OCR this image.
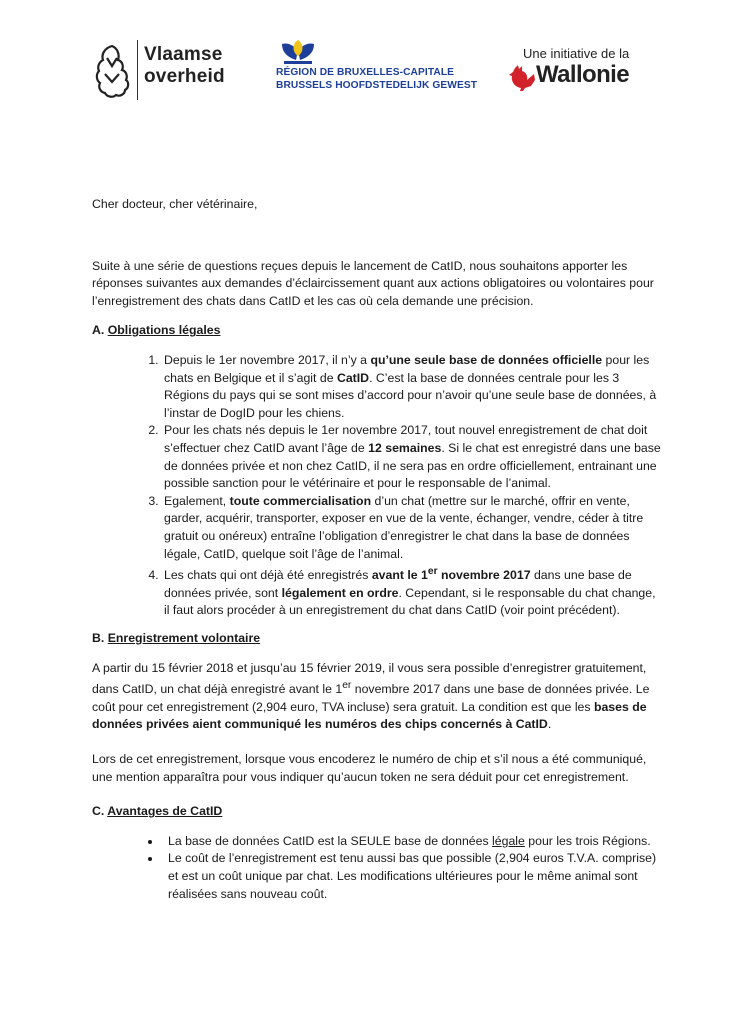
Vlaamse
overheid	RÉGION DE BRUXELLES-CAPITALE
BRUSSELS HOOFDSTEDELIJK GEWEST
Une initiative de la
Wallonie

Cher docteur, cher vétérinaire,

Suite à une série de questions reçues depuis le lancement de CatID, nous souhaitons apporter les réponses suivantes aux demandes d’éclaircissement quant aux actions obligatoires ou volontaires pour l’enregistrement des chats dans CatID et les cas où cela demande une précision.

A. Obligations légales
1. Depuis le 1er novembre 2017, il n’y a qu’une seule base de données officielle pour les chats en Belgique et il s’agit de CatID. C’est la base de données centrale pour les 3 Régions du pays qui se sont mises d’accord pour n’avoir qu’une seule base de données, à l’instar de DogID pour les chiens.
2. Pour les chats nés depuis le 1er novembre 2017, tout nouvel enregistrement de chat doit s’effectuer chez CatID avant l’âge de 12 semaines. Si le chat est enregistré dans une base de données privée et non chez CatID, il ne sera pas en ordre officiellement, entrainant une possible sanction pour le vétérinaire et pour le responsable de l’animal.
3. Egalement, toute commercialisation d’un chat (mettre sur le marché, offrir en vente, garder, acquérir, transporter, exposer en vue de la vente, échanger, vendre, céder à titre gratuit ou onéreux) entraîne l’obligation d’enregistrer le chat dans la base de données légale, CatID, quelque soit l’âge de l’animal.
4. Les chats qui ont déjà été enregistrés avant le 1er novembre 2017 dans une base de données privée, sont légalement en ordre. Cependant, si le responsable du chat change, il faut alors procéder à un enregistrement du chat dans CatID (voir point précédent).
B. Enregistrement volontaire

A partir du 15 février 2018 et jusqu’au 15 février 2019, il vous sera possible d’enregistrer gratuitement, dans CatID, un chat déjà enregistré avant le 1er novembre 2017 dans une base de données privée. Le coût pour cet enregistrement (2,904 euro, TVA incluse) sera gratuit. La condition est que les bases de données privées aient communiqué les numéros des chips concernés à CatID.

Lors de cet enregistrement, lorsque vous encoderez le numéro de chip et s’il nous a été communiqué, une mention apparaîtra pour vous indiquer qu’aucun token ne sera déduit pour cet enregistrement.

C. Avantages de CatID
• La base de données CatID est la SEULE base de données légale pour les trois Régions.
• Le coût de l’enregistrement est tenu aussi bas que possible (2,904 euros T.V.A. comprise) et est un coût unique par chat. Les modifications ultérieures pour le même animal sont réalisées sans nouveau coût.
